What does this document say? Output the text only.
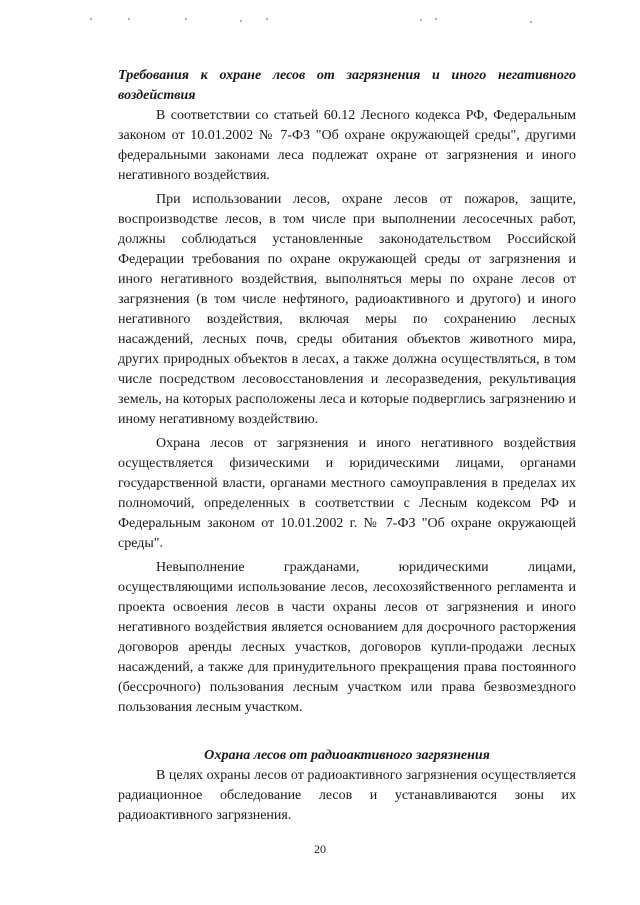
Требования к охране лесов от загрязнения и иного негативного воздействия

В соответствии со статьей 60.12 Лесного кодекса РФ, Федеральным законом от 10.01.2002 № 7-ФЗ "Об охране окружающей среды", другими федеральными законами леса подлежат охране от загрязнения и иного негативного воздействия.

При использовании лесов, охране лесов от пожаров, защите, воспроизводстве лесов, в том числе при выполнении лесосечных работ, должны соблюдаться установленные законодательством Российской Федерации требования по охране окружающей среды от загрязнения и иного негативного воздействия, выполняться меры по охране лесов от загрязнения (в том числе нефтяного, радиоактивного и другого) и иного негативного воздействия, включая меры по сохранению лесных насаждений, лесных почв, среды обитания объектов животного мира, других природных объектов в лесах, а также должна осуществляться, в том числе посредством лесовосстановления и лесоразведения, рекультивация земель, на которых расположены леса и которые подверглись загрязнению и иному негативному воздействию.

Охрана лесов от загрязнения и иного негативного воздействия осуществляется физическими и юридическими лицами, органами государственной власти, органами местного самоуправления в пределах их полномочий, определенных в соответствии с Лесным кодексом РФ и Федеральным законом от 10.01.2002 г. № 7-ФЗ "Об охране окружающей среды".

Невыполнение гражданами, юридическими лицами, осуществляющими использование лесов, лесохозяйственного регламента и проекта освоения лесов в части охраны лесов от загрязнения и иного негативного воздействия является основанием для досрочного расторжения договоров аренды лесных участков, договоров купли-продажи лесных насаждений, а также для принудительного прекращения права постоянного (бессрочного) пользования лесным участком или права безвозмездного пользования лесным участком.

Охрана лесов от радиоактивного загрязнения

В целях охраны лесов от радиоактивного загрязнения осуществляется радиационное обследование лесов и устанавливаются зоны их радиоактивного загрязнения.

20
